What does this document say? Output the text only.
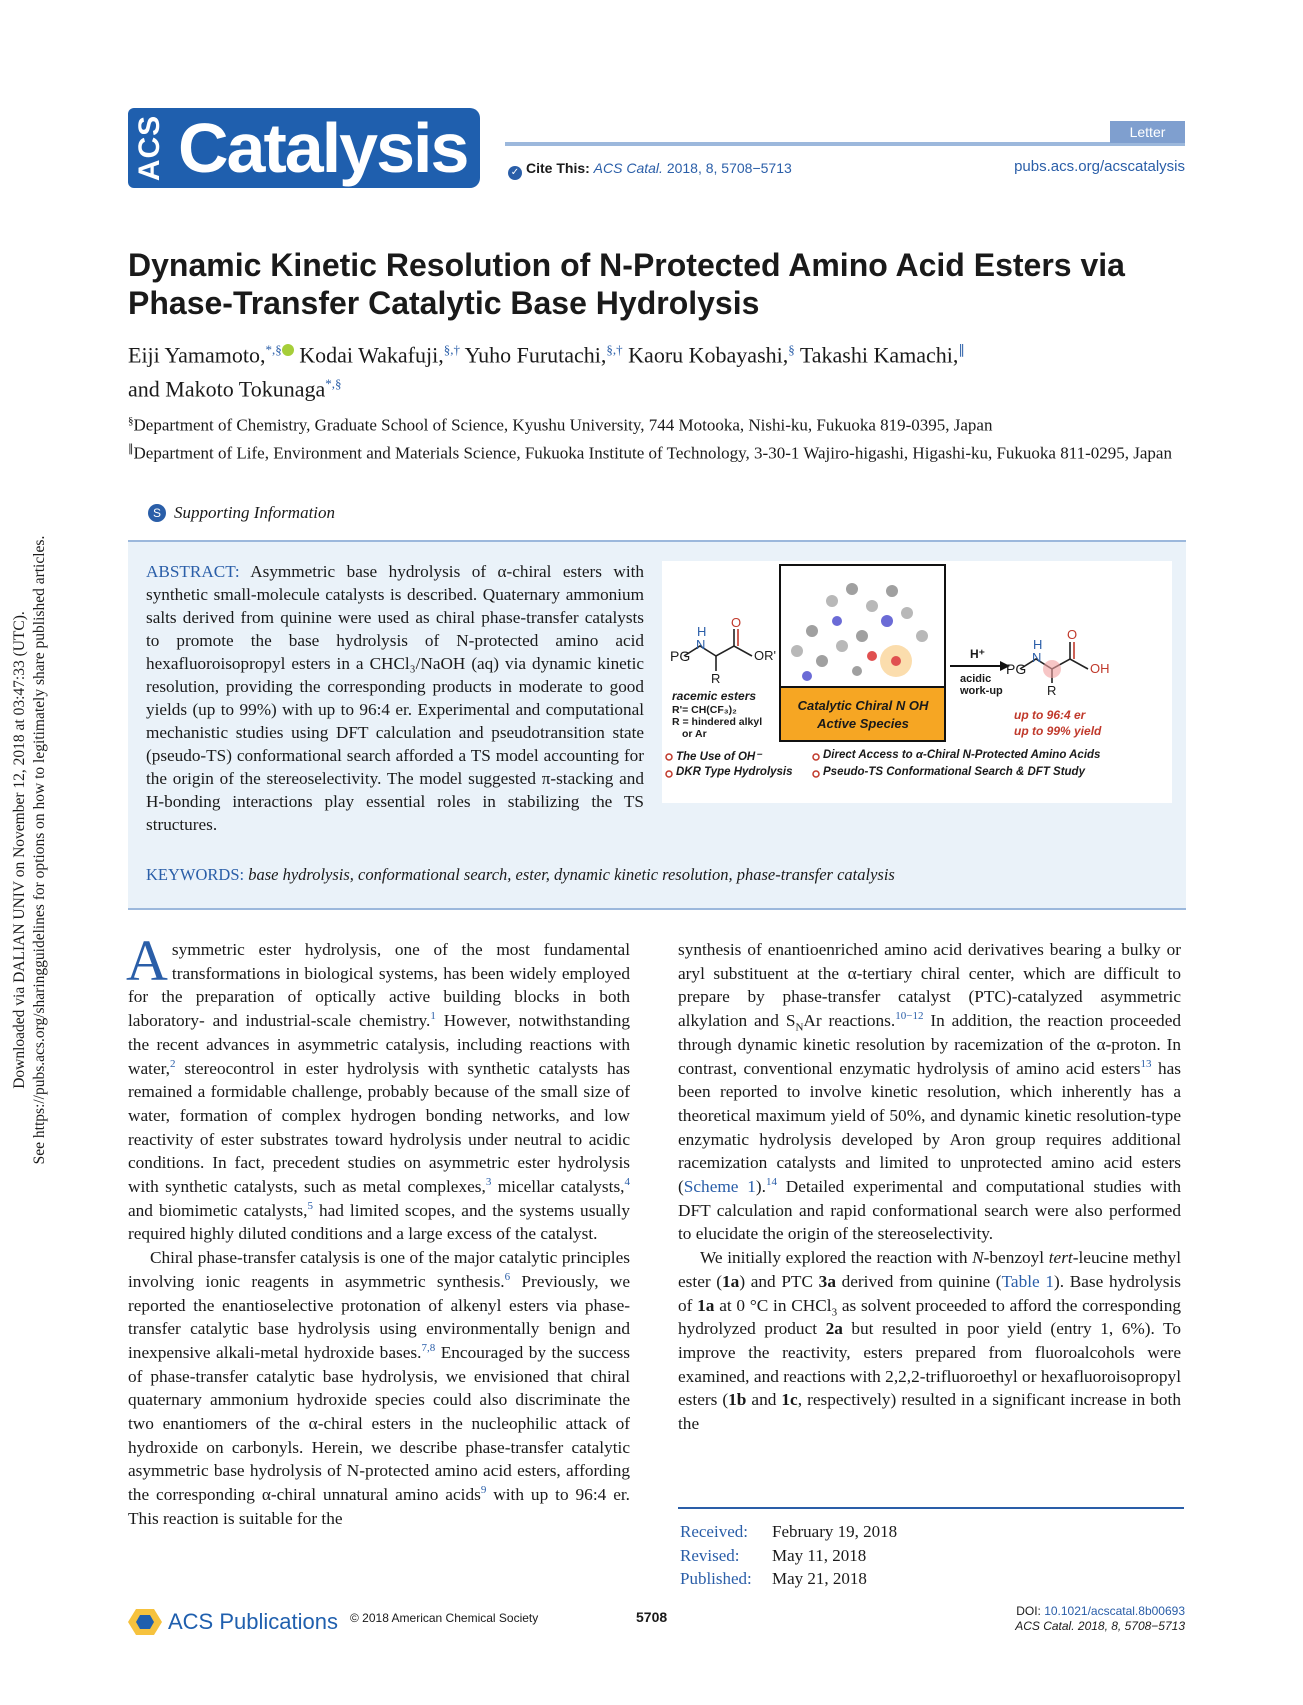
Downloaded via DALIAN UNIV on November 12, 2018 at 03:47:33 (UTC). See https://pubs.acs.org/sharingguidelines for options on how to legitimately share published articles.
ACS Catalysis	Letter
✓ Cite This: ACS Catal. 2018, 8, 5708−5713	pubs.acs.org/acscatalysis
Dynamic Kinetic Resolution of N-Protected Amino Acid Esters via Phase-Transfer Catalytic Base Hydrolysis
Eiji Yamamoto,*,§ Kodai Wakafuji,§,† Yuho Furutachi,§,† Kaoru Kobayashi,§ Takashi Kamachi,∥
and Makoto Tokunaga*,§
§Department of Chemistry, Graduate School of Science, Kyushu University, 744 Motooka, Nishi-ku, Fukuoka 819-0395, Japan
∥Department of Life, Environment and Materials Science, Fukuoka Institute of Technology, 3-30-1 Wajiro-higashi, Higashi-ku, Fukuoka 811-0295, Japan
S Supporting Information
ABSTRACT: Asymmetric base hydrolysis of α-chiral esters with synthetic small-molecule catalysts is described. Quaternary ammonium salts derived from quinine were used as chiral phase-transfer catalysts to promote the base hydrolysis of N-protected amino acid hexafluoroisopropyl esters in a CHCl₃/NaOH (aq) via dynamic kinetic resolution, providing the corresponding products in moderate to good yields (up to 99%) with up to 96:4 er. Experimental and computational mechanistic studies using DFT calculation and pseudotransition state (pseudo-TS) conformational search afforded a TS model accounting for the origin of the stereoselectivity. The model suggested π-stacking and H-bonding interactions play essential roles in stabilizing the TS structures.
PG
H
N
O
OR'
R
racemic esters
R'= CH(CF₃)₂
R = hindered alkyl
or Ar
Catalytic Chiral N OH
Active Species
H⁺
acidic
work-up
PG
H
N
O
OH
R
up to 96:4 er
up to 99% yield
The Use of OH⁻
DKR Type Hydrolysis
Direct Access to α-Chiral N-Protected Amino Acids
Pseudo-TS Conformational Search & DFT Study
KEYWORDS: base hydrolysis, conformational search, ester, dynamic kinetic resolution, phase-transfer catalysis

Asymmetric ester hydrolysis, one of the most fundamental transformations in biological systems, has been widely employed for the preparation of optically active building blocks in both laboratory- and industrial-scale chemistry.$^1$ However, notwithstanding the recent advances in asymmetric catalysis, including reactions with water,$^2$ stereocontrol in ester hydrolysis with synthetic catalysts has remained a formidable challenge, probably because of the small size of water, formation of complex hydrogen bonding networks, and low reactivity of ester substrates toward hydrolysis under neutral to acidic conditions. In fact, precedent studies on asymmetric ester hydrolysis with synthetic catalysts, such as metal complexes,$^3$ micellar catalysts,$^4$ and biomimetic catalysts,$^5$ had limited scopes, and the systems usually required highly diluted conditions and a large excess of the catalyst.

Chiral phase-transfer catalysis is one of the major catalytic principles involving ionic reagents in asymmetric synthesis.$^6$ Previously, we reported the enantioselective protonation of alkenyl esters via phase-transfer catalytic base hydrolysis using environmentally benign and inexpensive alkali-metal hydroxide bases.$^{7,8}$ Encouraged by the success of phase-transfer catalytic base hydrolysis, we envisioned that chiral quaternary ammonium hydroxide species could also discriminate the two enantiomers of the α-chiral esters in the nucleophilic attack of hydroxide on carbonyls. Herein, we describe phase-transfer catalytic asymmetric base hydrolysis of N-protected amino acid esters, affording the corresponding α-chiral unnatural amino acids$^9$ with up to 96:4 er. This reaction is suitable for the

synthesis of enantioenriched amino acid derivatives bearing a bulky or aryl substituent at the α-tertiary chiral center, which are difficult to prepare by phase-transfer catalyst (PTC)-catalyzed asymmetric alkylation and $S_NAr$ reactions.$^{10-12}$ In addition, the reaction proceeded through dynamic kinetic resolution by racemization of the α-proton. In contrast, conventional enzymatic hydrolysis of amino acid esters$^{13}$ has been reported to involve kinetic resolution, which inherently has a theoretical maximum yield of 50%, and dynamic kinetic resolution-type enzymatic hydrolysis developed by Aron group requires additional racemization catalysts and limited to unprotected amino acid esters (Scheme 1).$^{14}$ Detailed experimental and computational studies with DFT calculation and rapid conformational search were also performed to elucidate the origin of the stereoselectivity.

We initially explored the reaction with N-benzoyl tert-leucine methyl ester (1a) and PTC 3a derived from quinine (Table 1). Base hydrolysis of 1a at 0 °C in CHCl$_3$ as solvent proceeded to afford the corresponding hydrolyzed product 2a but resulted in poor yield (entry 1, 6%). To improve the reactivity, esters prepared from fluoroalcohols were examined, and reactions with 2,2,2-trifluoroethyl or hexafluoroisopropyl esters (1b and 1c, respectively) resulted in a significant increase in both the

Received: February 19, 2018
Revised: May 11, 2018
Published: May 21, 2018
ACS Publications © 2018 American Chemical Society	5708	DOI: 10.1021/acscatal.8b00693
ACS Catal. 2018, 8, 5708−5713
